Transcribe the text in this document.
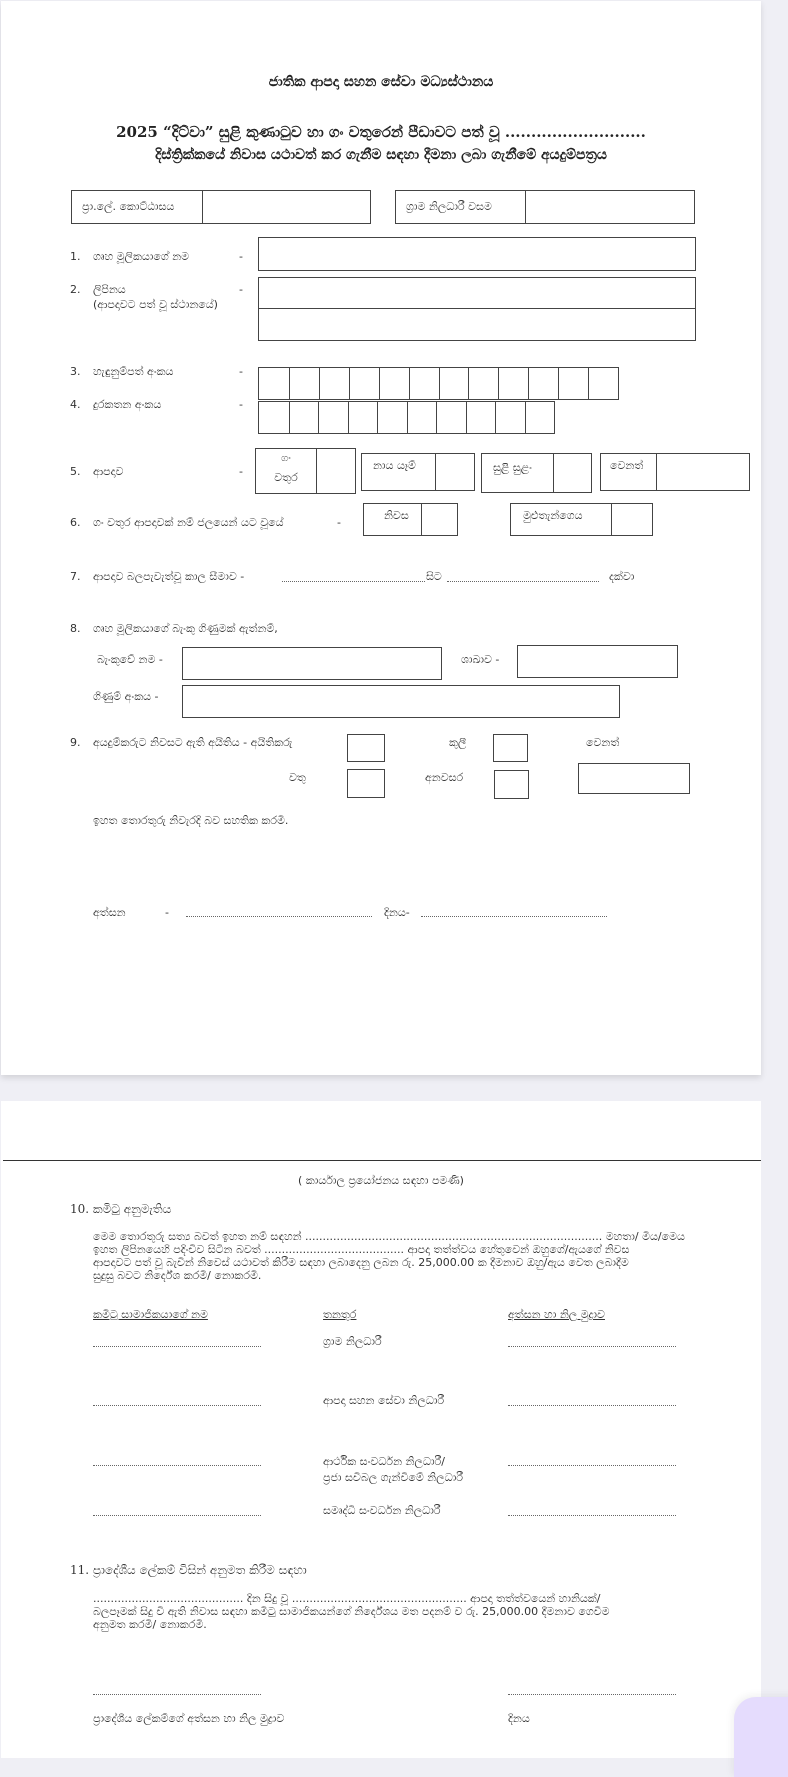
ජාතික ආපදා සහන සේවා මධ්‍යස්ථානය
2025 “දිට්වා” සුළි කුණාටුව හා ගං වතුරෙන් පීඩාවට පත් වූ ...........................
දිස්ත්‍රික්කයේ නිවාස යථාවත් කර ගැනීම සඳහා දීමනා ලබා ගැනීමේ අයදුම්පත්‍රය
ප්‍රා.ලේ. කොට්ඨාසය	ග්‍රාම නිලධාරී වසම
1. ගෘහ මූලිකයාගේ නම	-
2. ලිපිනය	-
(ආපදාවට පත් වූ ස්ථානයේ)
3. හැඳුනුම්පත් අංකය	-
4. දුරකතන අංකය	-
5. ආපදාව	-
ගං
වතුර
නාය යෑම්	සුළි සුළං	වෙනත්
6. ගං වතුර ආපදාවක් නම් ජලයෙන් යට වූයේ	-
නිවස	මුළුතැන්ගෙය
7. ආපදාව බලපැවැත්වූ කාල සීමාව -	සිට	දක්වා
8. ගෘහ මූලිකයාගේ බැංකු ගිණුමක් ඇත්නම්,
බැංකුවේ නම -	ශාඛාව -
ගිණුම් අංකය -
9. අයදුම්කරුට නිවසට ඇති අයිතිය - අයිතිකරු	කුලී	වෙනත්
වතු	අනවසර
ඉහත තොරතුරු නිවැරදි බව සහතික කරමි.
අත්සන	-	දිනය-
( කාර්යාල ප්‍රයෝජනය සඳහා පමණි)
10. කමිටු අනුමැතිය
මෙම තොරතුරු සත්‍ය බවත් ඉහත නම් සඳහන් ..................................................................................... මහතා/ මිය/මෙය
ඉහත ලිපිනයෙහි පදිංචිව සිටින බවත් ........................................ ආපදා තත්ත්වය හේතුවෙන් ඔහුගේ/ඇයගේ නිවස
ආපදාවට පත් වූ බැවින් නිවෙස් යථාවත් කිරීම සඳහා ලබාදෙනු ලබන රු. 25,000.00 ක දීමනාව ඔහු/ඇය වෙත ලබාදීම
සුදුසු බවට නිර්දේශ කරමි/ නොකරමි.
කමිටු සාමාජිකයාගේ නම	තනතුර	අත්සන හා නිල මුද්‍රාව
ග්‍රාම නිලධාරී
ආපදා සහන සේවා නිලධාරී
ආර්ථික සංවර්ධන නිලධාරී/
ප්‍රජා සවිබල ගැන්වීමේ නිලධාරී
සමෘද්ධි සංවර්ධන නිලධාරී
11. ප්‍රාදේශීය ලේකම් විසින් අනුමත කිරීම සඳහා
........................................... දින සිදු වූ .................................................. ආපදා තත්ත්වයෙන් හානියක්/
බලපෑමක් සිදු වී ඇති නිවාස සඳහා කමිටු සාමාජිකයන්ගේ නිර්දේශය මත පදනම් ව රු. 25,000.00 දීමනාව ගෙවීම
අනුමත කරමි/ නොකරමි.
ප්‍රාදේශීය ලේකම්ගේ අත්සන හා නිල මුද්‍රාව	දිනය
